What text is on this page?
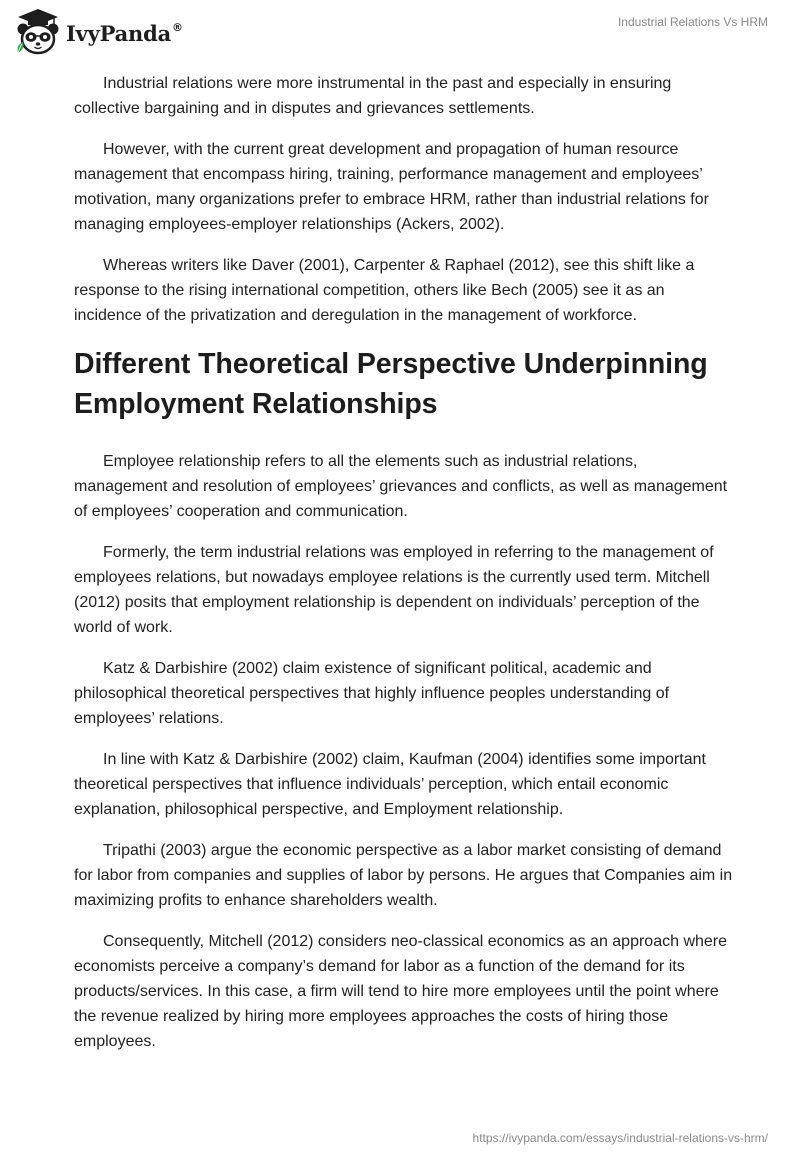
IvyPanda®	Industrial Relations Vs HRM

Industrial relations were more instrumental in the past and especially in ensuring collective bargaining and in disputes and grievances settlements.

However, with the current great development and propagation of human resource management that encompass hiring, training, performance management and employees’ motivation, many organizations prefer to embrace HRM, rather than industrial relations for managing employees-employer relationships (Ackers, 2002).

Whereas writers like Daver (2001), Carpenter & Raphael (2012), see this shift like a response to the rising international competition, others like Bech (2005) see it as an incidence of the privatization and deregulation in the management of workforce.

Different Theoretical Perspective Underpinning Employment Relationships

Employee relationship refers to all the elements such as industrial relations, management and resolution of employees’ grievances and conflicts, as well as management of employees’ cooperation and communication.

Formerly, the term industrial relations was employed in referring to the management of employees relations, but nowadays employee relations is the currently used term. Mitchell (2012) posits that employment relationship is dependent on individuals’ perception of the world of work.

Katz & Darbishire (2002) claim existence of significant political, academic and philosophical theoretical perspectives that highly influence peoples understanding of employees’ relations.

In line with Katz & Darbishire (2002) claim, Kaufman (2004) identifies some important theoretical perspectives that influence individuals’ perception, which entail economic explanation, philosophical perspective, and Employment relationship.

Tripathi (2003) argue the economic perspective as a labor market consisting of demand for labor from companies and supplies of labor by persons. He argues that Companies aim in maximizing profits to enhance shareholders wealth.

Consequently, Mitchell (2012) considers neo-classical economics as an approach where economists perceive a company’s demand for labor as a function of the demand for its products/services. In this case, a firm will tend to hire more employees until the point where the revenue realized by hiring more employees approaches the costs of hiring those employees.

https://ivypanda.com/essays/industrial-relations-vs-hrm/
